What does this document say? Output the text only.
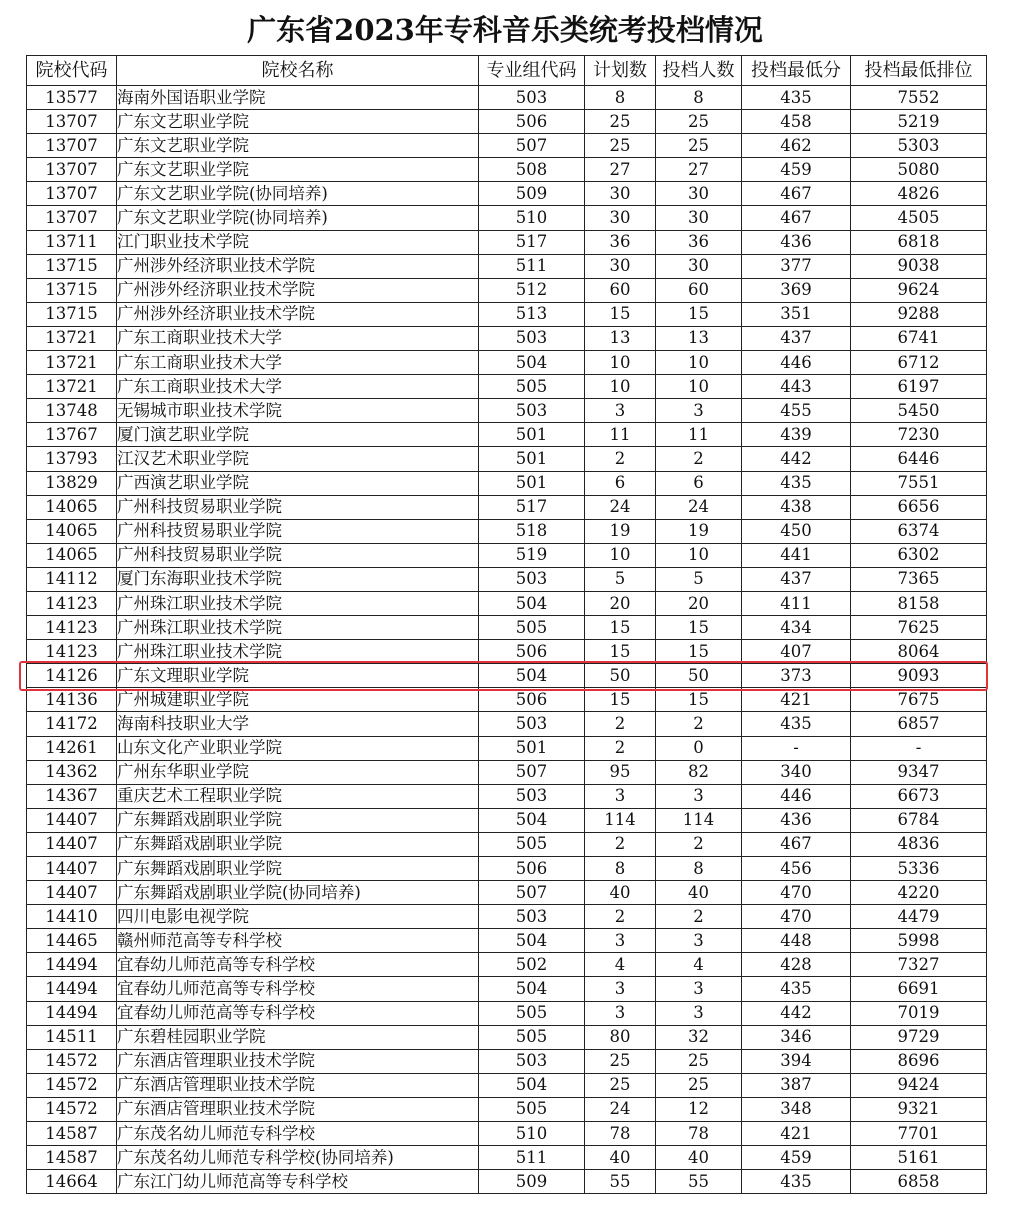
广东省2023年专科音乐类统考投档情况
院校代码	院校名称	专业组代码	计划数	投档人数	投档最低分	投档最低排位
13577	海南外国语职业学院	503	8	8	435	7552
13707	广东文艺职业学院	506	25	25	458	5219
13707	广东文艺职业学院	507	25	25	462	5303
13707	广东文艺职业学院	508	27	27	459	5080
13707	广东文艺职业学院(协同培养)	509	30	30	467	4826
13707	广东文艺职业学院(协同培养)	510	30	30	467	4505
13711	江门职业技术学院	517	36	36	436	6818
13715	广州涉外经济职业技术学院	511	30	30	377	9038
13715	广州涉外经济职业技术学院	512	60	60	369	9624
13715	广州涉外经济职业技术学院	513	15	15	351	9288
13721	广东工商职业技术大学	503	13	13	437	6741
13721	广东工商职业技术大学	504	10	10	446	6712
13721	广东工商职业技术大学	505	10	10	443	6197
13748	无锡城市职业技术学院	503	3	3	455	5450
13767	厦门演艺职业学院	501	11	11	439	7230
13793	江汉艺术职业学院	501	2	2	442	6446
13829	广西演艺职业学院	501	6	6	435	7551
14065	广州科技贸易职业学院	517	24	24	438	6656
14065	广州科技贸易职业学院	518	19	19	450	6374
14065	广州科技贸易职业学院	519	10	10	441	6302
14112	厦门东海职业技术学院	503	5	5	437	7365
14123	广州珠江职业技术学院	504	20	20	411	8158
14123	广州珠江职业技术学院	505	15	15	434	7625
14123	广州珠江职业技术学院	506	15	15	407	8064
14126	广东文理职业学院	504	50	50	373	9093
14136	广州城建职业学院	506	15	15	421	7675
14172	海南科技职业大学	503	2	2	435	6857
14261	山东文化产业职业学院	501	2	0	-	-
14362	广州东华职业学院	507	95	82	340	9347
14367	重庆艺术工程职业学院	503	3	3	446	6673
14407	广东舞蹈戏剧职业学院	504	114	114	436	6784
14407	广东舞蹈戏剧职业学院	505	2	2	467	4836
14407	广东舞蹈戏剧职业学院	506	8	8	456	5336
14407	广东舞蹈戏剧职业学院(协同培养)	507	40	40	470	4220
14410	四川电影电视学院	503	2	2	470	4479
14465	赣州师范高等专科学校	504	3	3	448	5998
14494	宜春幼儿师范高等专科学校	502	4	4	428	7327
14494	宜春幼儿师范高等专科学校	504	3	3	435	6691
14494	宜春幼儿师范高等专科学校	505	3	3	442	7019
14511	广东碧桂园职业学院	505	80	32	346	9729
14572	广东酒店管理职业技术学院	503	25	25	394	8696
14572	广东酒店管理职业技术学院	504	25	25	387	9424
14572	广东酒店管理职业技术学院	505	24	12	348	9321
14587	广东茂名幼儿师范专科学校	510	78	78	421	7701
14587	广东茂名幼儿师范专科学校(协同培养)	511	40	40	459	5161
14664	广东江门幼儿师范高等专科学校	509	55	55	435	6858
